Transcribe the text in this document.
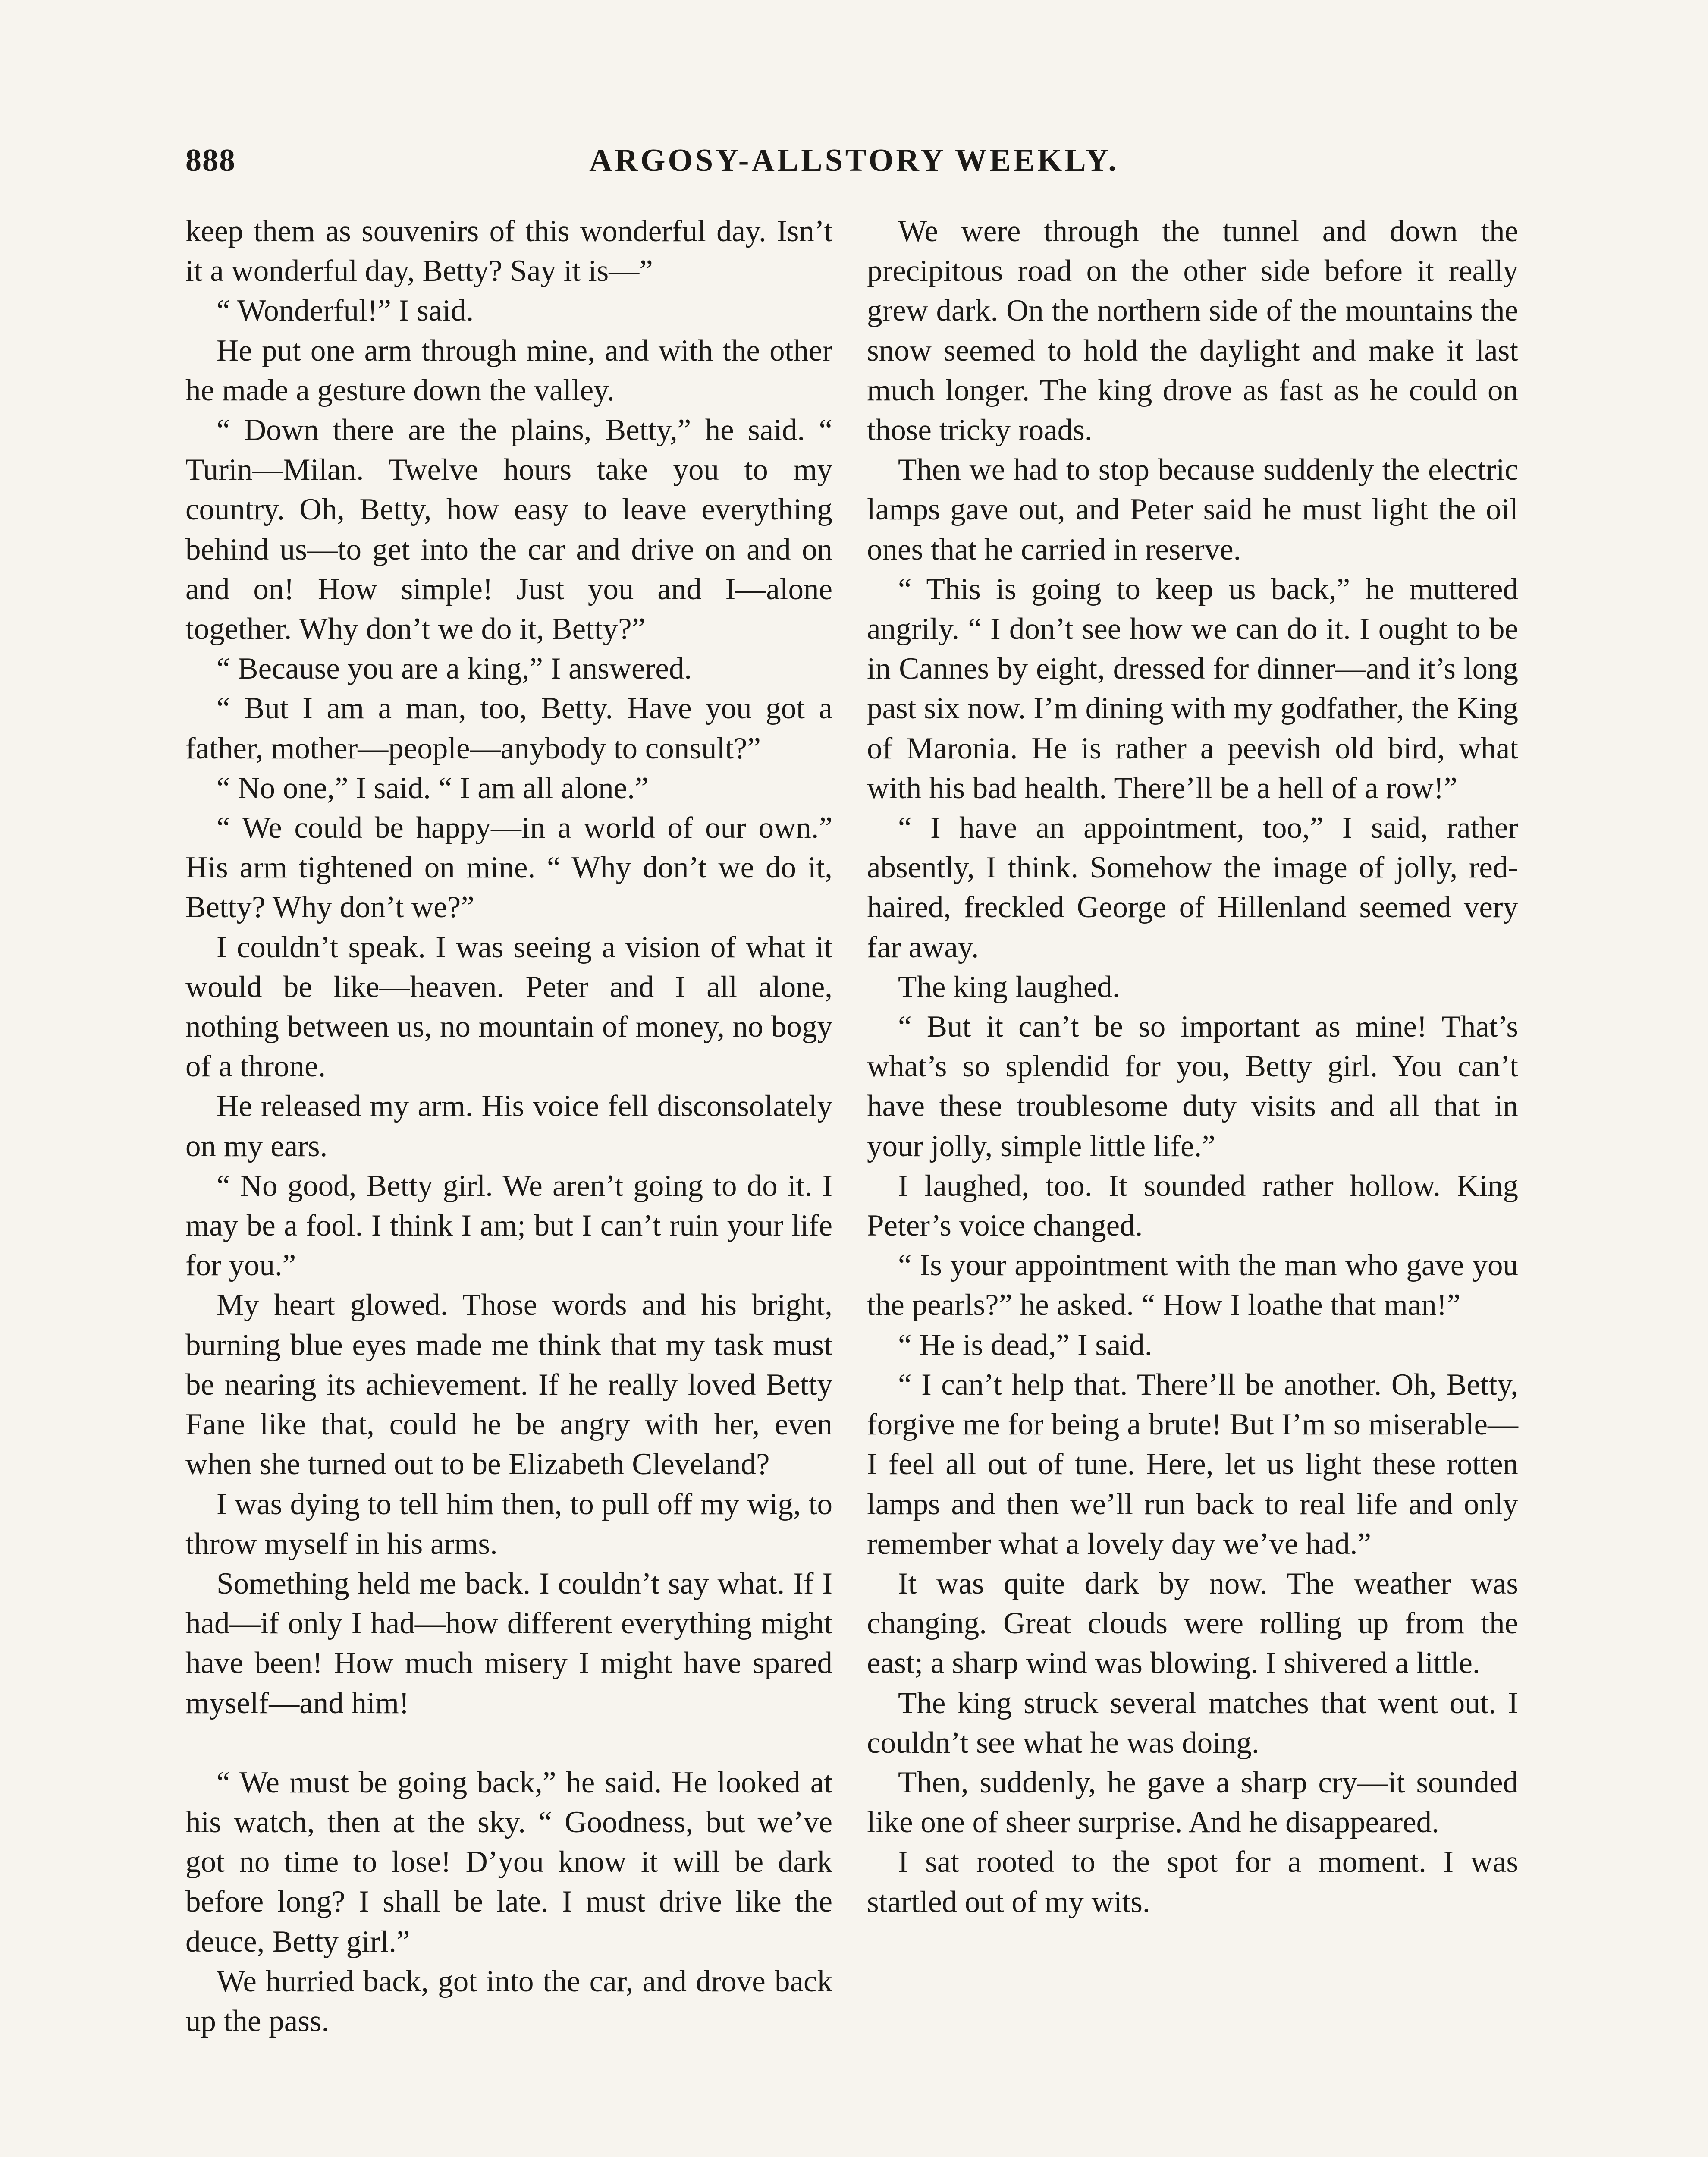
888	ARGOSY-ALLSTORY WEEKLY.

keep them as souvenirs of this wonderful day. Isn’t it a wonderful day, Betty? Say it is—”

“ Wonderful!” I said.

He put one arm through mine, and with the other he made a gesture down the valley.

“ Down there are the plains, Betty,” he said. “ Turin—Milan. Twelve hours take you to my country. Oh, Betty, how easy to leave everything behind us—to get into the car and drive on and on and on! How simple! Just you and I—alone together. Why don’t we do it, Betty?”

“ Because you are a king,” I answered.

“ But I am a man, too, Betty. Have you got a father, mother—people—anybody to consult?”

“ No one,” I said. “ I am all alone.”

“ We could be happy—in a world of our own.” His arm tightened on mine. “ Why don’t we do it, Betty? Why don’t we?”

I couldn’t speak. I was seeing a vision of what it would be like—heaven. Peter and I all alone, nothing between us, no mountain of money, no bogy of a throne.

He released my arm. His voice fell disconsolately on my ears.

“ No good, Betty girl. We aren’t going to do it. I may be a fool. I think I am; but I can’t ruin your life for you.”

My heart glowed. Those words and his bright, burning blue eyes made me think that my task must be nearing its achievement. If he really loved Betty Fane like that, could he be angry with her, even when she turned out to be Elizabeth Cleveland?

I was dying to tell him then, to pull off my wig, to throw myself in his arms.

Something held me back. I couldn’t say what. If I had—if only I had—how different everything might have been! How much misery I might have spared myself—and him!

“ We must be going back,” he said. He looked at his watch, then at the sky. “ Goodness, but we’ve got no time to lose! D’you know it will be dark before long? I shall be late. I must drive like the deuce, Betty girl.”

We hurried back, got into the car, and drove back up the pass.

We were through the tunnel and down the precipitous road on the other side before it really grew dark. On the northern side of the mountains the snow seemed to hold the daylight and make it last much longer. The king drove as fast as he could on those tricky roads.

Then we had to stop because suddenly the electric lamps gave out, and Peter said he must light the oil ones that he carried in reserve.

“ This is going to keep us back,” he muttered angrily. “ I don’t see how we can do it. I ought to be in Cannes by eight, dressed for dinner—and it’s long past six now. I’m dining with my godfather, the King of Maronia. He is rather a peevish old bird, what with his bad health. There’ll be a hell of a row!”

“ I have an appointment, too,” I said, rather absently, I think. Somehow the image of jolly, red-haired, freckled George of Hillenland seemed very far away.

The king laughed.

“ But it can’t be so important as mine! That’s what’s so splendid for you, Betty girl. You can’t have these troublesome duty visits and all that in your jolly, simple little life.”

I laughed, too. It sounded rather hollow. King Peter’s voice changed.

“ Is your appointment with the man who gave you the pearls?” he asked. “ How I loathe that man!”

“ He is dead,” I said.

“ I can’t help that. There’ll be another. Oh, Betty, forgive me for being a brute! But I’m so miserable—I feel all out of tune. Here, let us light these rotten lamps and then we’ll run back to real life and only remember what a lovely day we’ve had.”

It was quite dark by now. The weather was changing. Great clouds were rolling up from the east; a sharp wind was blowing. I shivered a little.

The king struck several matches that went out. I couldn’t see what he was doing.

Then, suddenly, he gave a sharp cry—it sounded like one of sheer surprise. And he disappeared.

I sat rooted to the spot for a moment. I was startled out of my wits.
